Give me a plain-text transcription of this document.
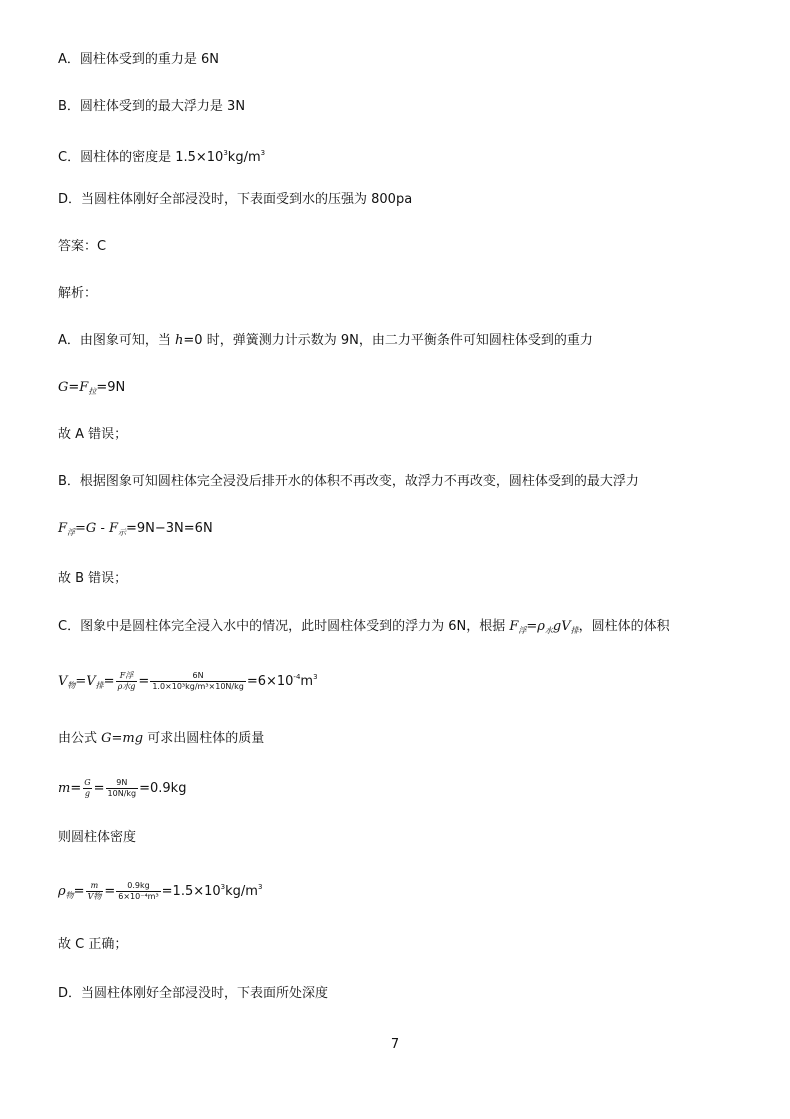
A．圆柱体受到的重力是 6N
B．圆柱体受到的最大浮力是 3N
C．圆柱体的密度是 $1.5\times 10^3kg/m^3$
D．当圆柱体刚好全部浸没时，下表面受到水的压强为 800pa
答案：C
解析：
A．由图象可知，当 h=0 时，弹簧测力计示数为 9N，由二力平衡条件可知圆柱体受到的重力
$G=F_拉=9N$
故 A 错误；
B．根据图象可知圆柱体完全浸没后排开水的体积不再改变，故浮力不再改变，圆柱体受到的最大浮力
$F_浮=G - F_示=9N-3N=6N$
故 B 错误；
C．图象中是圆柱体完全浸入水中的情况，此时圆柱体受到的浮力为 6N，根据 $F_浮=\rho_水gV_排$，圆柱体的体积
$V_物=V_排= \frac{\text{F浮}}{\text{ρ水g}} = \frac{6N}{\text{1.0×10³kg/m³×10N/kg}} =6\times 10^{-4}m^3$
由公式 G=mg 可求出圆柱体的质量
$m= \frac{G}{g} = \frac{9N}{10N/kg} =0.9kg$
则圆柱体密度
$\rho_物= \frac{m}{\text{V物}} = \frac{0.9kg}{\text{6×10⁻⁴m³}} =1.5\times 10^3kg/m^3$
故 C 正确；
D．当圆柱体刚好全部浸没时，下表面所处深度
7
